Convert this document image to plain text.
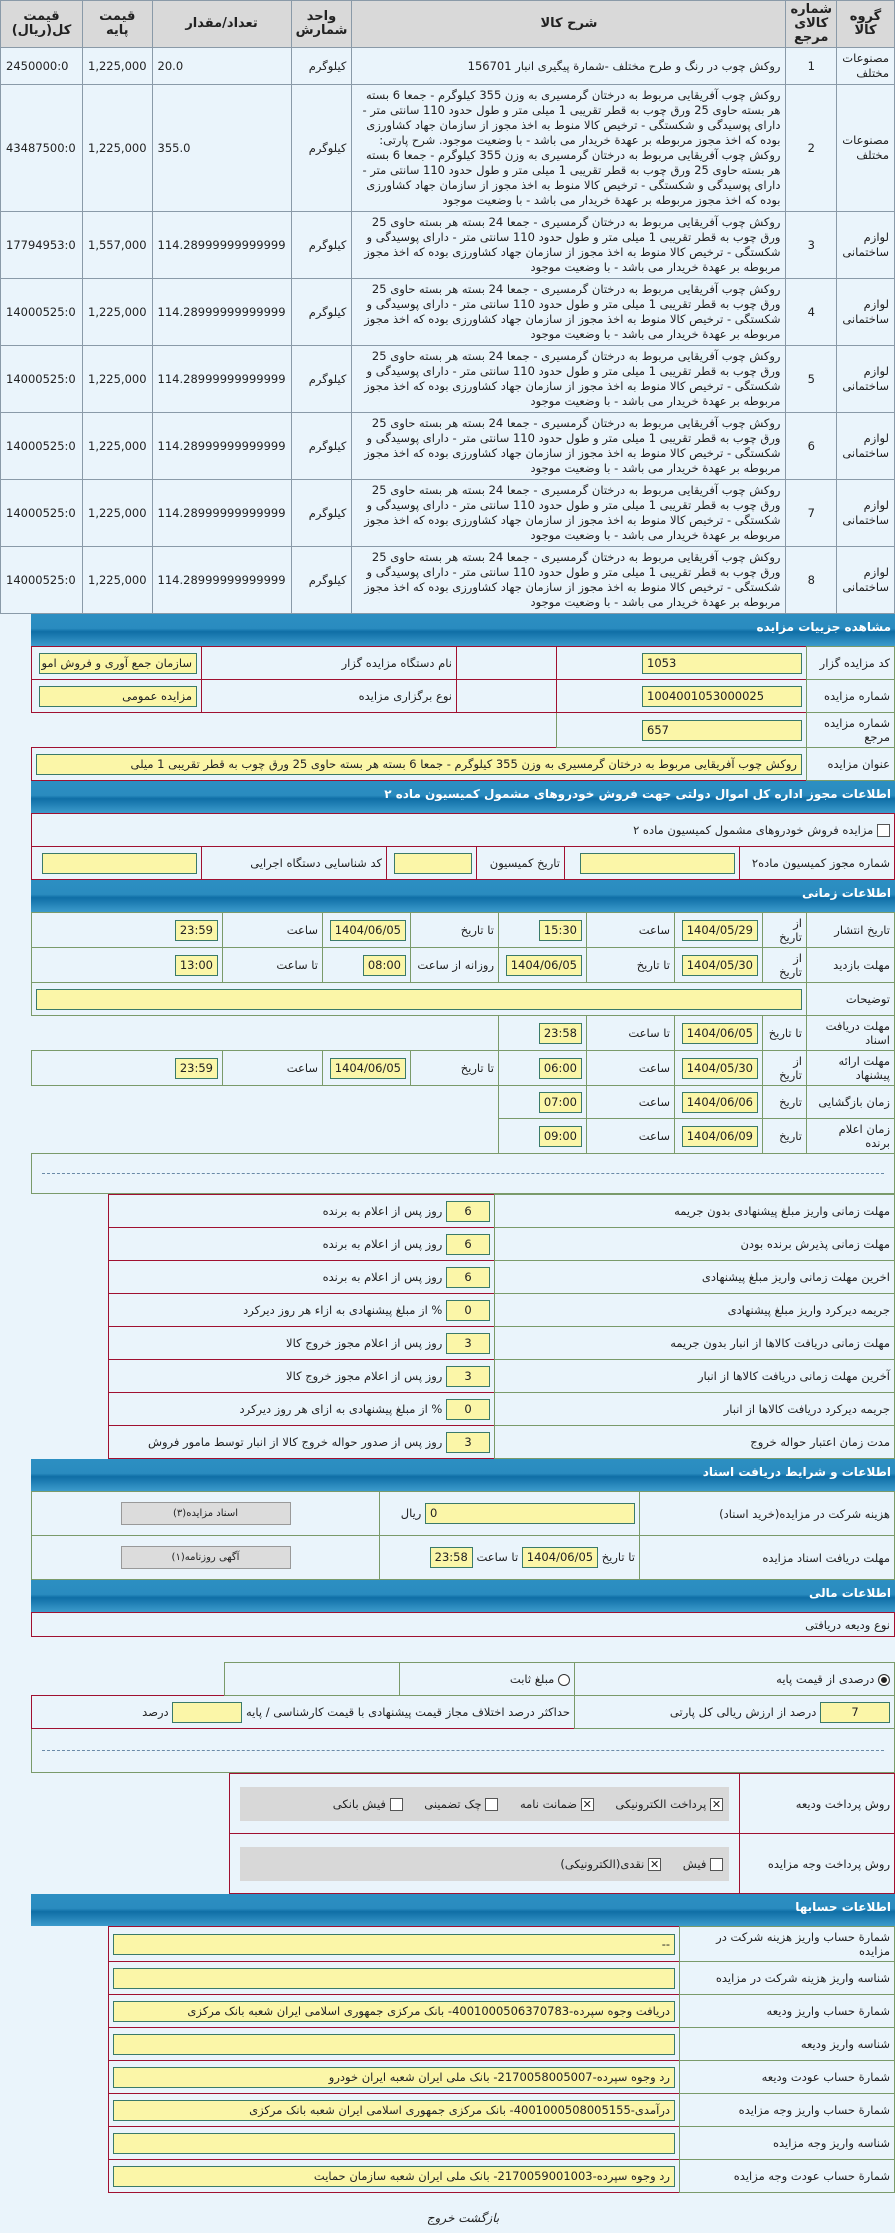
گروه کالا	شماره کالای مرجع	شرح کالا	واحد شمارش	تعداد/مقدار	قیمت پایه	قیمت کل(ریال)
مصنوعات مختلف	1	روکش چوب در رنگ و طرح مختلف -شمارة پیگیری انبار 156701	کیلوگرم	20.0	1,225,000	2450000:0
مصنوعات مختلف	2	روکش چوب آفریقایی مربوط به درختان گرمسیری به وزن 355 کیلوگرم - جمعا 6 بسته هر بسته حاوی 25 ورق چوب به قطر تقریبی 1 میلی متر و طول حدود 110 سانتی متر - دارای پوسیدگی و شکستگی - ترخیص کالا منوط به اخذ مجوز از سازمان جهاد کشاورزی بوده که اخذ مجوز مربوطه بر عهدة خریدار می باشد - با وضعیت موجود. شرح پارتی: روکش چوب آفریقایی مربوط به درختان گرمسیری به وزن 355 کیلوگرم - جمعا 6 بسته هر بسته حاوی 25 ورق چوب به قطر تقریبی 1 میلی متر و طول حدود 110 سانتی متر - دارای پوسیدگی و شکستگی - ترخیص کالا منوط به اخذ مجوز از سازمان جهاد کشاورزی بوده که اخذ مجوز مربوطه بر عهدة خریدار می باشد - با وضعیت موجود	کیلوگرم	355.0	1,225,000	43487500:0
لوازم ساختمانی	3	روکش چوب آفریقایی مربوط به درختان گرمسیری - جمعا 24 بسته هر بسته حاوی 25 ورق چوب به قطر تقریبی 1 میلی متر و طول حدود 110 سانتی متر - دارای پوسیدگی و شکستگی - ترخیص کالا منوط به اخذ مجوز از سازمان جهاد کشاورزی بوده که اخذ مجوز مربوطه بر عهدة خریدار می باشد - با وضعیت موجود	کیلوگرم	114.28999999999999	1,557,000	17794953:0
لوازم ساختمانی	4	روکش چوب آفریقایی مربوط به درختان گرمسیری - جمعا 24 بسته هر بسته حاوی 25 ورق چوب به قطر تقریبی 1 میلی متر و طول حدود 110 سانتی متر - دارای پوسیدگی و شکستگی - ترخیص کالا منوط به اخذ مجوز از سازمان جهاد کشاورزی بوده که اخذ مجوز مربوطه بر عهدة خریدار می باشد - با وضعیت موجود	کیلوگرم	114.28999999999999	1,225,000	14000525:0
لوازم ساختمانی	5	روکش چوب آفریقایی مربوط به درختان گرمسیری - جمعا 24 بسته هر بسته حاوی 25 ورق چوب به قطر تقریبی 1 میلی متر و طول حدود 110 سانتی متر - دارای پوسیدگی و شکستگی - ترخیص کالا منوط به اخذ مجوز از سازمان جهاد کشاورزی بوده که اخذ مجوز مربوطه بر عهدة خریدار می باشد - با وضعیت موجود	کیلوگرم	114.28999999999999	1,225,000	14000525:0
لوازم ساختمانی	6	روکش چوب آفریقایی مربوط به درختان گرمسیری - جمعا 24 بسته هر بسته حاوی 25 ورق چوب به قطر تقریبی 1 میلی متر و طول حدود 110 سانتی متر - دارای پوسیدگی و شکستگی - ترخیص کالا منوط به اخذ مجوز از سازمان جهاد کشاورزی بوده که اخذ مجوز مربوطه بر عهدة خریدار می باشد - با وضعیت موجود	کیلوگرم	114.28999999999999	1,225,000	14000525:0
لوازم ساختمانی	7	روکش چوب آفریقایی مربوط به درختان گرمسیری - جمعا 24 بسته هر بسته حاوی 25 ورق چوب به قطر تقریبی 1 میلی متر و طول حدود 110 سانتی متر - دارای پوسیدگی و شکستگی - ترخیص کالا منوط به اخذ مجوز از سازمان جهاد کشاورزی بوده که اخذ مجوز مربوطه بر عهدة خریدار می باشد - با وضعیت موجود	کیلوگرم	114.28999999999999	1,225,000	14000525:0
لوازم ساختمانی	8	روکش چوب آفریقایی مربوط به درختان گرمسیری - جمعا 24 بسته هر بسته حاوی 25 ورق چوب به قطر تقریبی 1 میلی متر و طول حدود 110 سانتی متر - دارای پوسیدگی و شکستگی - ترخیص کالا منوط به اخذ مجوز از سازمان جهاد کشاورزی بوده که اخذ مجوز مربوطه بر عهدة خریدار می باشد - با وضعیت موجود	کیلوگرم	114.28999999999999	1,225,000	14000525:0
مشاهده جزییات مزایده
کد مزایده گزار	1053		نام دستگاه مزایده گزار	سازمان جمع آوری و فروش امو
شماره مزایده	1004001053000025		نوع برگزاری مزایده	مزایده عمومی
شماره مزایده مرجع	657			
عنوان مزایده	روکش چوب آفریقایی مربوط به درختان گرمسیری به وزن 355 کیلوگرم - جمعا 6 بسته هر بسته حاوی 25 ورق چوب به قطر تقریبی 1 میلی			
اطلاعات مجوز اداره کل اموال دولتی جهت فروش خودروهای مشمول کمیسیون ماده ۲
مزایده فروش خودروهای مشمول کمیسیون ماده ۲
شماره مجوز کمیسیون ماده۲		تاریخ کمیسیون		کد شناسایی دستگاه اجرایی	
اطلاعات زمانی
تاریخ انتشار	از تاریخ	1404/05/29	ساعت	15:30	تا تاریخ	1404/06/05	ساعت	23:59
مهلت بازدید	از تاریخ	1404/05/30	تا تاریخ	1404/06/05	روزانه از ساعت	08:00	تا ساعت	13:00
توضیحات								
مهلت دریافت اسناد	تا تاریخ	1404/06/05	تا ساعت	23:58				
مهلت ارائه پیشنهاد	از تاریخ	1404/05/30	ساعت	06:00	تا تاریخ	1404/06/05	ساعت	23:59
زمان بازگشایی	تاریخ	1404/06/06	ساعت	07:00				
زمان اعلام برنده	تاریخ	1404/06/09	ساعت	09:00				

مهلت زمانی واریز مبلغ پیشنهادی بدون جریمه	6 روز پس از اعلام به برنده
مهلت زمانی پذیرش برنده بودن	6 روز پس از اعلام به برنده
اخرین مهلت زمانی واریز مبلغ پیشنهادی	6 روز پس از اعلام به برنده
جریمه دیرکرد واریز مبلغ پیشنهادی	0 % از مبلغ پیشنهادی به ازاء هر روز دیرکرد
مهلت زمانی دریافت کالاها از انبار بدون جریمه	3 روز پس از اعلام مجوز خروج کالا
آخرین مهلت زمانی دریافت کالاها از انبار	3 روز پس از اعلام مجوز خروج کالا
جریمه دیرکرد دریافت کالاها از انبار	0 % از مبلغ پیشنهادی به ازای هر روز دیرکرد
مدت زمان اعتبار حواله خروج	3 روز پس از صدور حواله خروج کالا از انبار توسط مامور فروش
اطلاعات و شرایط دریافت اسناد
هزینه شرکت در مزایده(خرید اسناد)	0 ریال	اسناد مزایده(۳)
مهلت دریافت اسناد مزایده	تا تاریخ 1404/06/05 تا ساعت 23:58	آگهی روزنامه(۱)
اطلاعات مالی
نوع ودیعه دریافتی			

درصدی از قیمت پایه	مبلغ ثابت		
7 درصد از ارزش ریالی کل پارتی	حداکثر درصد اختلاف مجاز قیمت پیشنهادی با قیمت کارشناسی / پایه  درصد		

روش پرداخت ودیعه	✕ پرداخت الکترونیکی ✕ ضمانت نامه  چک تضمینی  فیش بانکی	

روش پرداخت وجه مزایده	فیش ✕ نقدی(الکترونیکی)	

اطلاعات حسابها
شمارة حساب واریز هزینه شرکت در مزایده	--
شناسه واریز هزینه شرکت در مزایده	
شمارة حساب واریز ودیعه	دریافت وجوه سپرده-4001000506370783- بانک مرکزی جمهوری اسلامی ایران شعبه بانک مرکزی
شناسه واریز ودیعه	
شمارة حساب عودت ودیعه	رد وجوه سپرده-2170058005007- بانک ملی ایران شعبه ایران خودرو
شمارة حساب واریز وجه مزایده	درآمدی-4001000508005155- بانک مرکزی جمهوری اسلامی ایران شعبه بانک مرکزی
شناسه واریز وجه مزایده	
شمارة حساب عودت وجه مزایده	رد وجوه سپرده-2170059001003- بانک ملی ایران شعبه سازمان حمایت
بازگشت خروج
